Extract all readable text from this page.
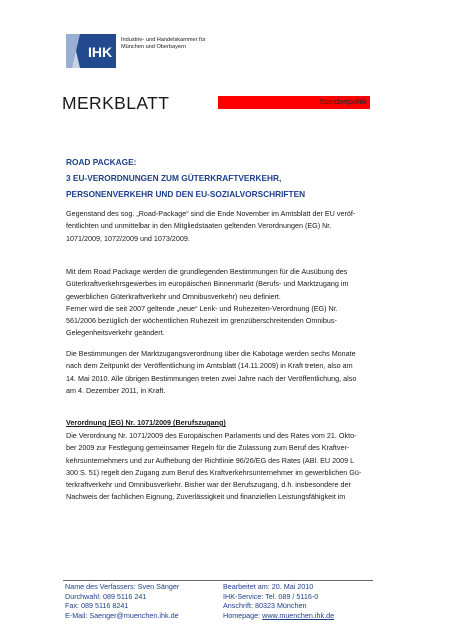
IHK
Industrie- und Handelskammer für
München und Oberbayern
MERKBLATT	Standortpolitik
ROAD PACKAGE:
3 EU-VERORDNUNGEN ZUM GÜTERKRAFTVERKEHR,
PERSONENVERKEHR UND DEN EU-SOZIALVORSCHRIFTEN
Gegenstand des sog. „Road-Package“ sind die Ende November im Amtsblatt der EU veröf-
fentlichten und unmittelbar in den Mitgliedstaaten geltenden Verordnungen (EG) Nr.
1071/2009, 1072/2009 und 1073/2009.
Mit dem Road Package werden die grundlegenden Bestimmungen für die Ausübung des
Güterkraftverkehrsgewerbes im europäischen Binnenmarkt (Berufs- und Marktzugang im
gewerblichen Güterkraftverkehr und Omnibusverkehr) neu definiert.
Ferner wird die seit 2007 geltende „neue“ Lenk- und Ruhezeiten-Verordnung (EG) Nr.
561/2006 bezüglich der wöchentlichen Ruhezeit im grenzüberschreitenden Omnibus-
Gelegenheitsverkehr geändert.
Die Bestimmungen der Marktzugangsverordnung über die Kabotage werden sechs Monate
nach dem Zeitpunkt der Veröffentlichung im Amtsblatt (14.11.2009) in Kraft treten, also am
14. Mai 2010. Alle übrigen Bestimmungen treten zwei Jahre nach der Veröffentlichung, also
am 4. Dezember 2011, in Kraft.
Verordnung (EG) Nr. 1071/2009 (Berufszugang)
Die Verordnung Nr. 1071/2009 des Europäischen Parlaments und des Rates vom 21. Okto-
ber 2009 zur Festlegung gemeinsamer Regeln für die Zulassung zum Beruf des Kraftver-
kehrsunternehmers und zur Aufhebung der Richtlinie 96/26/EG des Rates (ABl. EU 2009 L
300 S. 51) regelt den Zugang zum Beruf des Kraftverkehrsunternehmer im gewerblichen Gü-
terkraftverkehr und Omnibusverkehr. Bisher war der Berufszugang, d.h. insbesondere der
Nachweis der fachlichen Eignung, Zuverlässigkeit und finanziellen Leistungsfähigkeit im
Name des Verfassers: Sven Sänger
Durchwahl: 089 5116 241
Fax: 089 5116 8241
E-Mail: Saenger@muenchen.ihk.de
Bearbeitet am: 20. Mai 2010
IHK-Service: Tel. 089 / 5116-0
Anschrift: 80323 München
Homepage: www.muenchen.ihk.de
